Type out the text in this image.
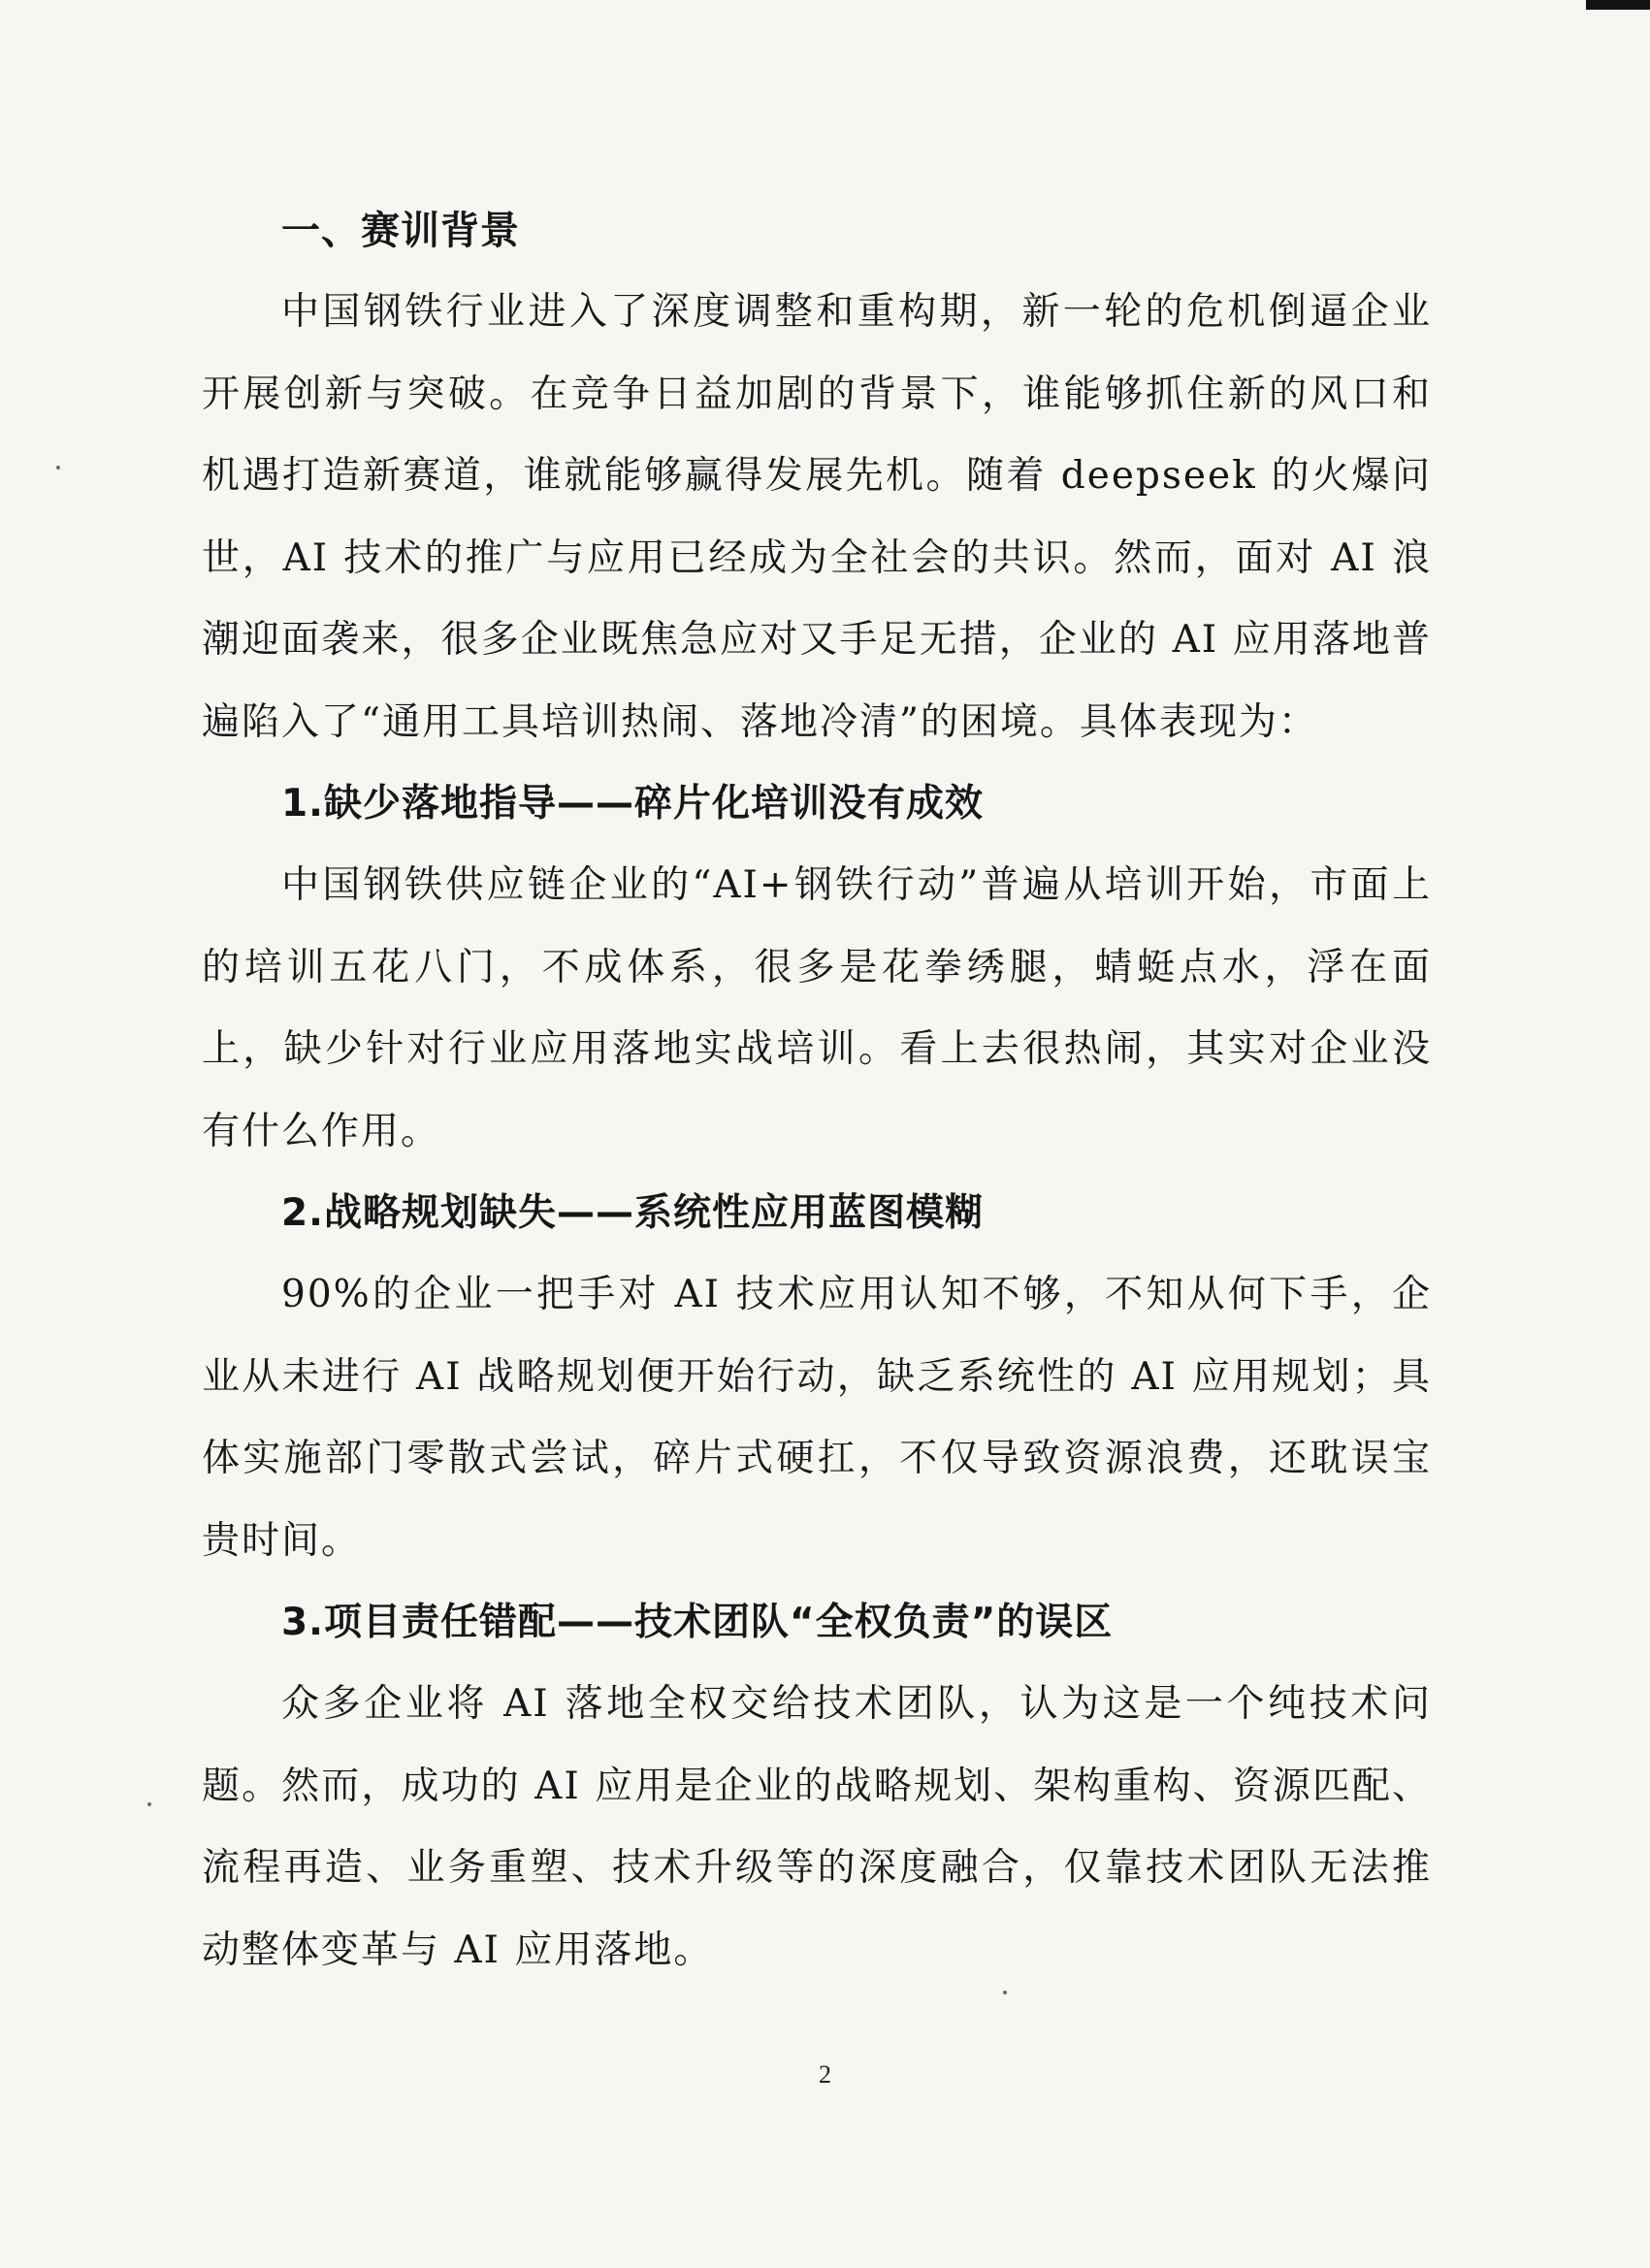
一、赛训背景

中国钢铁行业进入了深度调整和重构期，新一轮的危机倒逼企业开展创新与突破。在竞争日益加剧的背景下，谁能够抓住新的风口和机遇打造新赛道，谁就能够赢得发展先机。随着 deepseek 的火爆问世，AI 技术的推广与应用已经成为全社会的共识。然而，面对 AI 浪潮迎面袭来，很多企业既焦急应对又手足无措，企业的 AI 应用落地普遍陷入了“通用工具培训热闹、落地冷清”的困境。具体表现为：

1.缺少落地指导——碎片化培训没有成效

中国钢铁供应链企业的“AI+钢铁行动”普遍从培训开始，市面上的培训五花八门，不成体系，很多是花拳绣腿，蜻蜓点水，浮在面上，缺少针对行业应用落地实战培训。看上去很热闹，其实对企业没有什么作用。

2.战略规划缺失——系统性应用蓝图模糊

90%的企业一把手对 AI 技术应用认知不够，不知从何下手，企业从未进行 AI 战略规划便开始行动，缺乏系统性的 AI 应用规划；具体实施部门零散式尝试，碎片式硬扛，不仅导致资源浪费，还耽误宝贵时间。

3.项目责任错配——技术团队“全权负责”的误区

众多企业将 AI 落地全权交给技术团队，认为这是一个纯技术问题。然而，成功的 AI 应用是企业的战略规划、架构重构、资源匹配、流程再造、业务重塑、技术升级等的深度融合，仅靠技术团队无法推动整体变革与 AI 应用落地。

2
